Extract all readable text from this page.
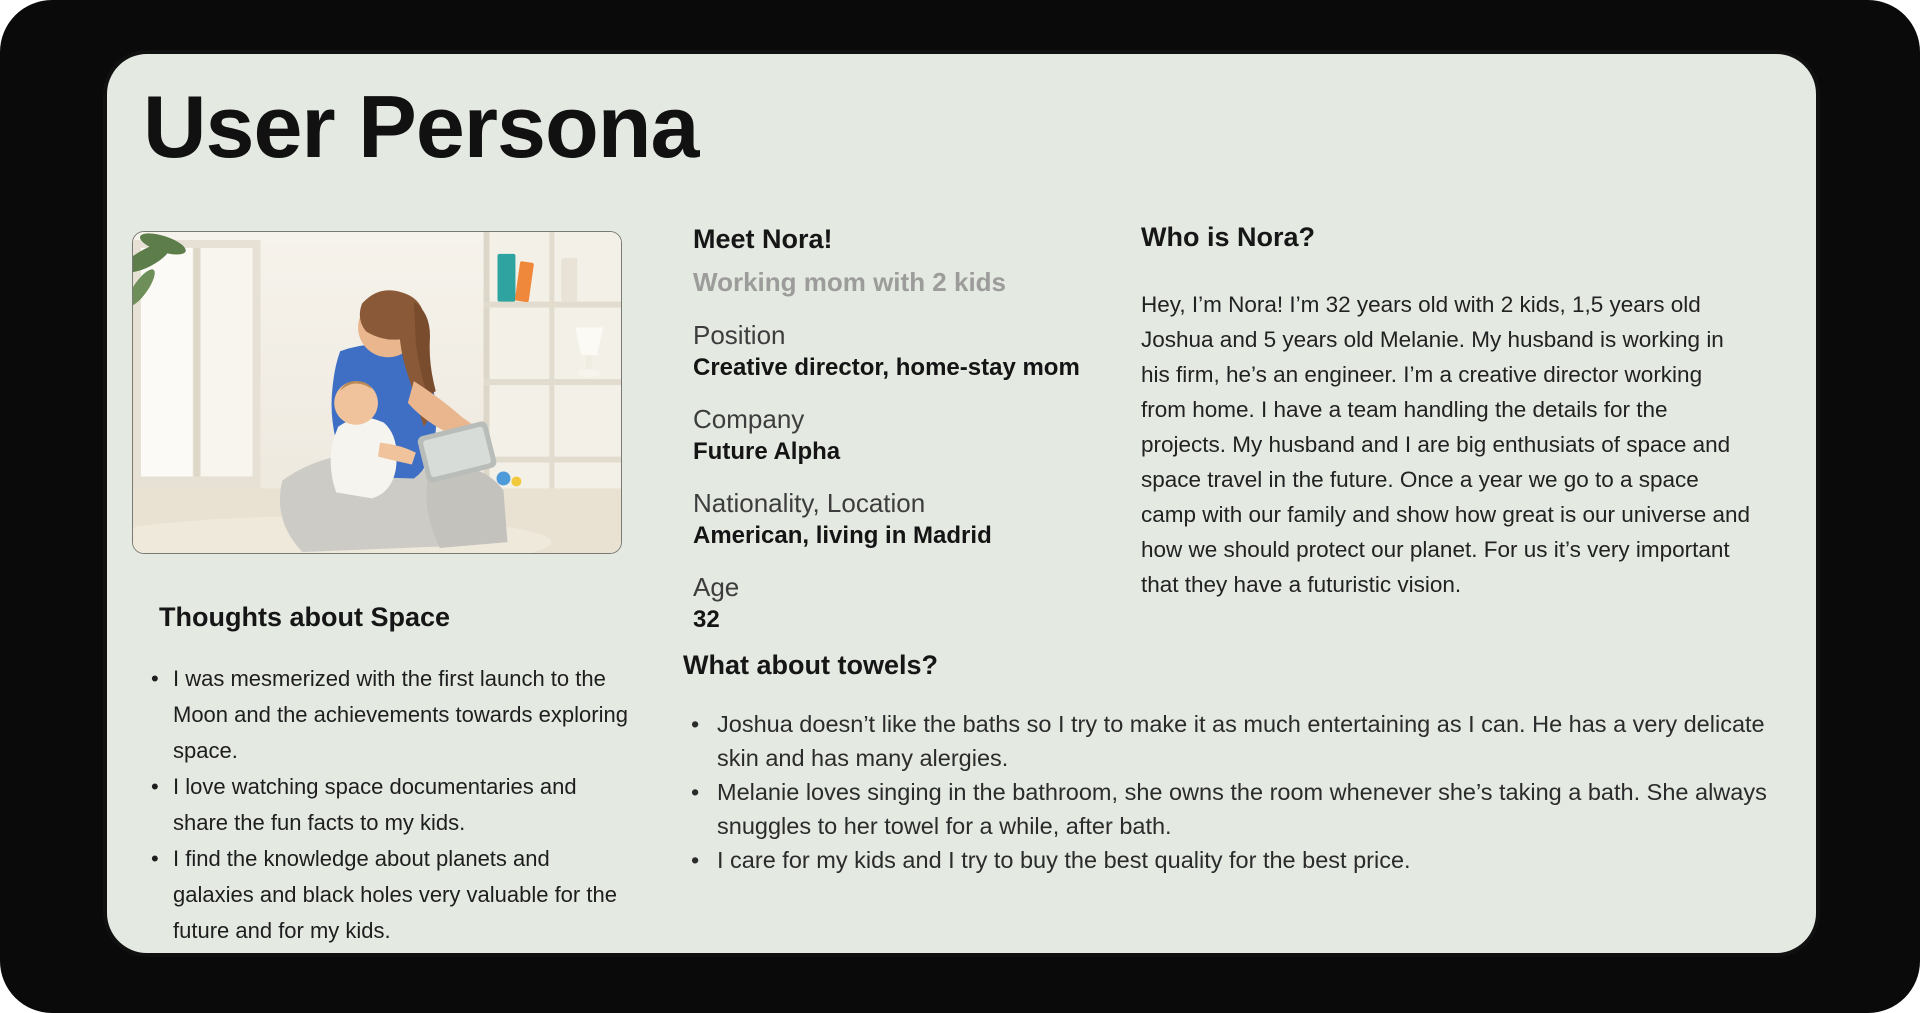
User Persona
Meet Nora!
Working mom with 2 kids
Position
Creative director, home-stay mom
Company
Future Alpha
Nationality, Location
American, living in Madrid
Age
32
Who is Nora?
Hey, I’m Nora! I’m 32 years old with 2 kids, 1,5 years old Joshua and 5 years old Melanie. My husband is working in his firm, he’s an engineer. I’m a creative director working from home. I have a team handling the details for the projects. My husband and I are big enthusiats of space and space travel in the future. Once a year we go to a space camp with our family and show how great is our universe and how we should protect our planet. For us it’s very important that they have a futuristic vision.
Thoughts about Space
• I was mesmerized with the first launch to the Moon and the achievements towards exploring space.
• I love watching space documentaries and share the fun facts to my kids.
• I find the knowledge about planets and galaxies and black holes very valuable for the future and for my kids.
What about towels?
• Joshua doesn’t like the baths so I try to make it as much entertaining as I can. He has a very delicate skin and has many alergies.
• Melanie loves singing in the bathroom, she owns the room whenever she’s taking a bath. She always snuggles to her towel for a while, after bath.
• I care for my kids and I try to buy the best quality for the best price.
